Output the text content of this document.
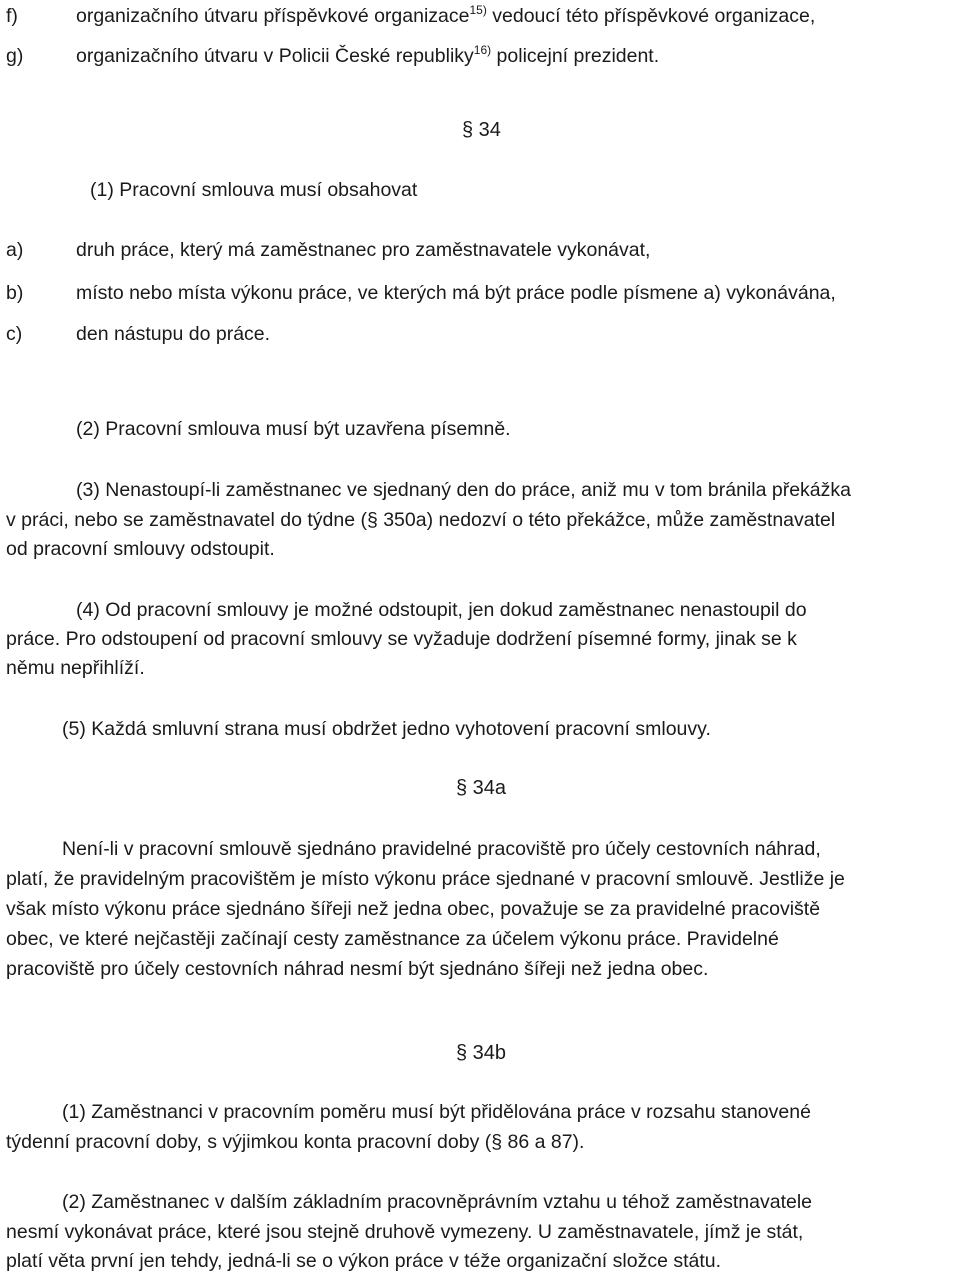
f)	organizačního útvaru příspěvkové organizace$^{15)}$ vedoucí této příspěvkové organizace,

g)	organizačního útvaru v Policii České republiky$^{16)}$ policejní prezident.

§ 34

(1) Pracovní smlouva musí obsahovat

a)	druh práce, který má zaměstnanec pro zaměstnavatele vykonávat,

b)	místo nebo místa výkonu práce, ve kterých má být práce podle písmene a) vykonávána,

c)	den nástupu do práce.

(2) Pracovní smlouva musí být uzavřena písemně.

(3) Nenastoupí-li zaměstnanec ve sjednaný den do práce, aniž mu v tom bránila překážka

v práci, nebo se zaměstnavatel do týdne (§ 350a) nedozví o této překážce, může zaměstnavatel

od pracovní smlouvy odstoupit.

(4) Od pracovní smlouvy je možné odstoupit, jen dokud zaměstnanec nenastoupil do

práce. Pro odstoupení od pracovní smlouvy se vyžaduje dodržení písemné formy, jinak se k

němu nepřihlíží.

(5) Každá smluvní strana musí obdržet jedno vyhotovení pracovní smlouvy.

§ 34a

Není-li v pracovní smlouvě sjednáno pravidelné pracoviště pro účely cestovních náhrad,

platí, že pravidelným pracovištěm je místo výkonu práce sjednané v pracovní smlouvě. Jestliže je

však místo výkonu práce sjednáno šířeji než jedna obec, považuje se za pravidelné pracoviště

obec, ve které nejčastěji začínají cesty zaměstnance za účelem výkonu práce. Pravidelné

pracoviště pro účely cestovních náhrad nesmí být sjednáno šířeji než jedna obec.

§ 34b

(1) Zaměstnanci v pracovním poměru musí být přidělována práce v rozsahu stanovené

týdenní pracovní doby, s výjimkou konta pracovní doby (§ 86 a 87).

(2) Zaměstnanec v dalším základním pracovněprávním vztahu u téhož zaměstnavatele

nesmí vykonávat práce, které jsou stejně druhově vymezeny. U zaměstnavatele, jímž je stát,

platí věta první jen tehdy, jedná-li se o výkon práce v téže organizační složce státu.
